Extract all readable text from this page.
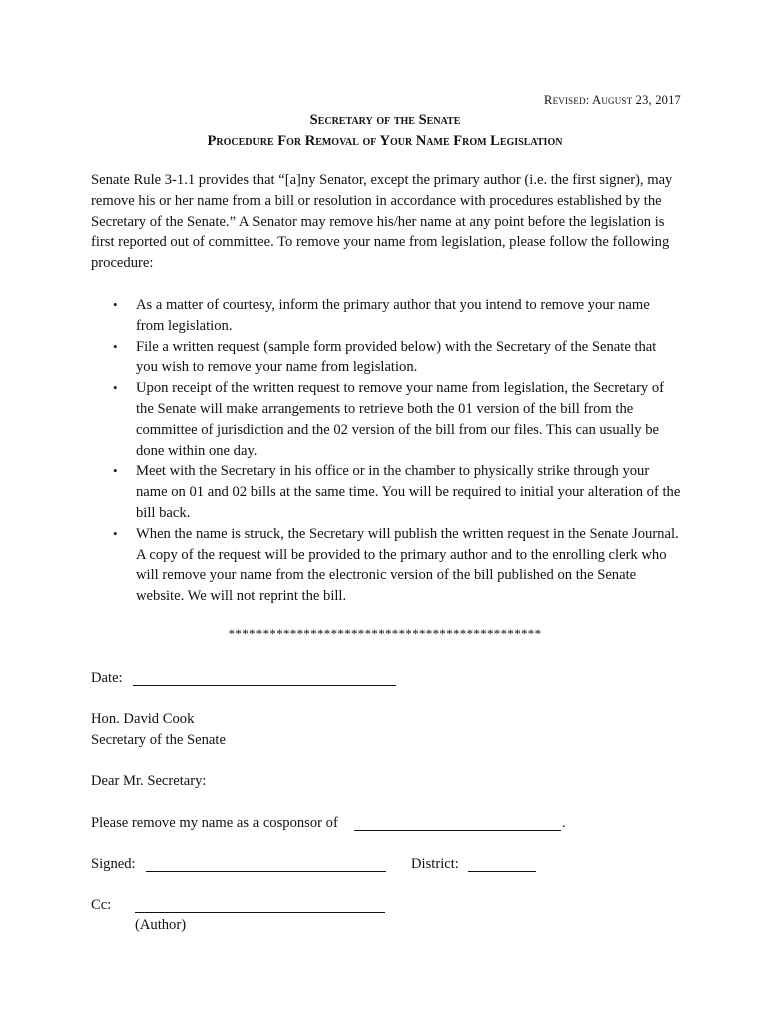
Revised: August 23, 2017
Secretary of the Senate
Procedure For Removal of Your Name From Legislation

Senate Rule 3-1.1 provides that “[a]ny Senator, except the primary author (i.e. the first signer), may remove his or her name from a bill or resolution in accordance with procedures established by the Secretary of the Senate.” A Senator may remove his/her name at any point before the legislation is first reported out of committee. To remove your name from legislation, please follow the following procedure:

• As a matter of courtesy, inform the primary author that you intend to remove your name from legislation.
• File a written request (sample form provided below) with the Secretary of the Senate that you wish to remove your name from legislation.
• Upon receipt of the written request to remove your name from legislation, the Secretary of the Senate will make arrangements to retrieve both the 01 version of the bill from the committee of jurisdiction and the 02 version of the bill from our files. This can usually be done within one day.
• Meet with the Secretary in his office or in the chamber to physically strike through your name on 01 and 02 bills at the same time. You will be required to initial your alteration of the bill back.
• When the name is struck, the Secretary will publish the written request in the Senate Journal. A copy of the request will be provided to the primary author and to the enrolling clerk who will remove your name from the electronic version of the bill published on the Senate website. We will not reprint the bill.
**********************************************
Date:
Hon. David Cook
Secretary of the Senate
Dear Mr. Secretary:
Please remove my name as a cosponsor of	.
Signed:	District:
Cc:
(Author)
